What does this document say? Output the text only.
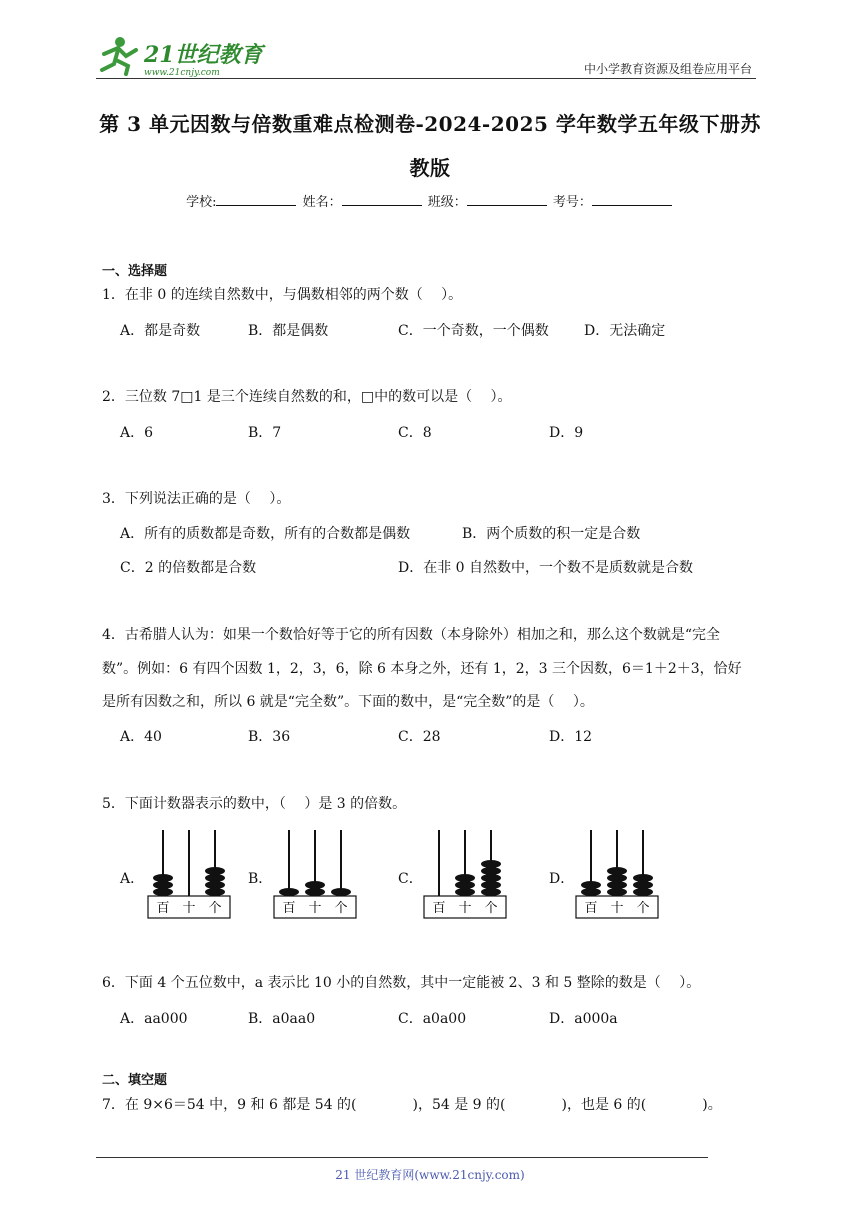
21世纪教育
www.21cnjy.com	中小学教育资源及组卷应用平台
第 3 单元因数与倍数重难点检测卷-2024-2025 学年数学五年级下册苏
教版
学校:	姓名：	班级：	考号：
一、选择题
1．在非 0 的连续自然数中，与偶数相邻的两个数（　 ）。
A．都是奇数	B．都是偶数	C．一个奇数，一个偶数	D．无法确定
2．三位数 7□1 是三个连续自然数的和，□中的数可以是（　 ）。
A．6	B．7	C．8	D．9
3．下列说法正确的是（　 ）。
A．所有的质数都是奇数，所有的合数都是偶数	B．两个质数的积一定是合数
C．2 的倍数都是合数	D．在非 0 自然数中，一个数不是质数就是合数
4．古希腊人认为：如果一个数恰好等于它的所有因数（本身除外）相加之和，那么这个数就是“完全
数”。例如：6 有四个因数 1，2，3，6，除 6 本身之外，还有 1，2，3 三个因数，6＝1＋2＋3，恰好
是所有因数之和，所以 6 就是“完全数”。下面的数中，是“完全数”的是（　 ）。
A．40	B．36	C．28	D．12
5．下面计数器表示的数中，（　 ）是 3 的倍数。
A．	B．	C．	D．
百 十 个	百 十 个	百 十 个	百 十 个
6．下面 4 个五位数中，a 表示比 10 小的自然数，其中一定能被 2、3 和 5 整除的数是（　 ）。
A．aa000	B．a0aa0	C．a0a00	D．a000a
二、填空题
7．在 9×6＝54 中，9 和 6 都是 54 的(　　　　)，54 是 9 的(　　　　)，也是 6 的(　　　　)。
21 世纪教育网(www.21cnjy.com)
